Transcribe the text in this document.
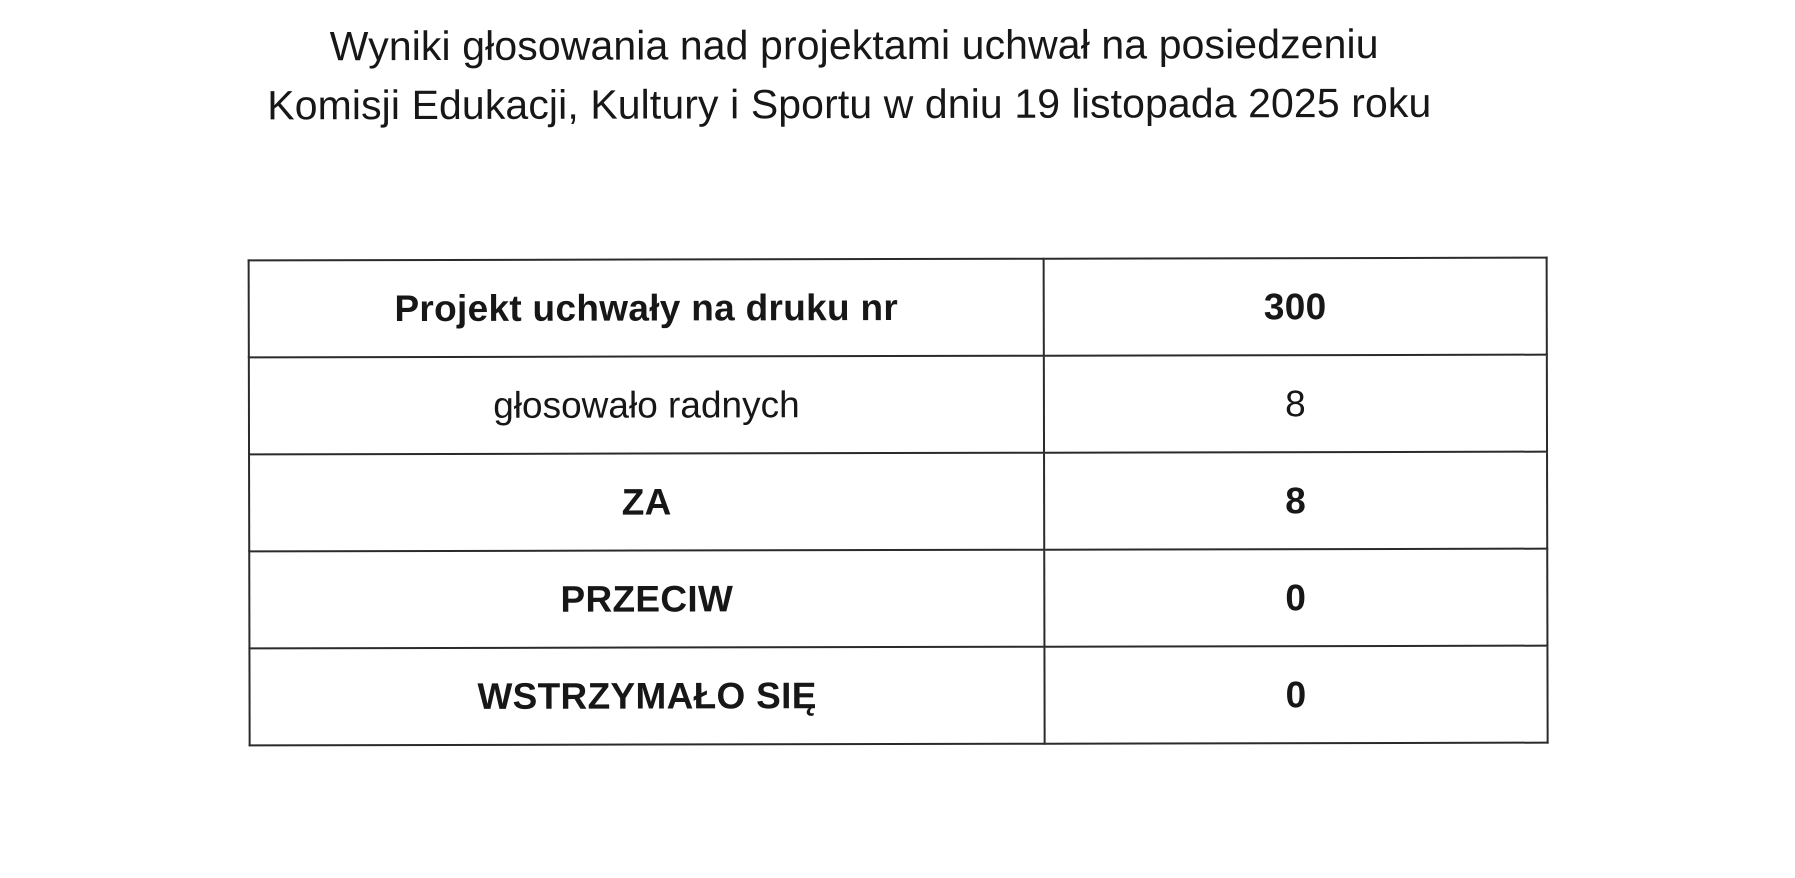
Wyniki głosowania nad projektami uchwał na posiedzeniu
Komisji Edukacji, Kultury i Sportu w dniu 19 listopada 2025 roku
Projekt uchwały na druku nr	300
głosowało radnych	8
ZA	8
PRZECIW	0
WSTRZYMAŁO SIĘ	0
